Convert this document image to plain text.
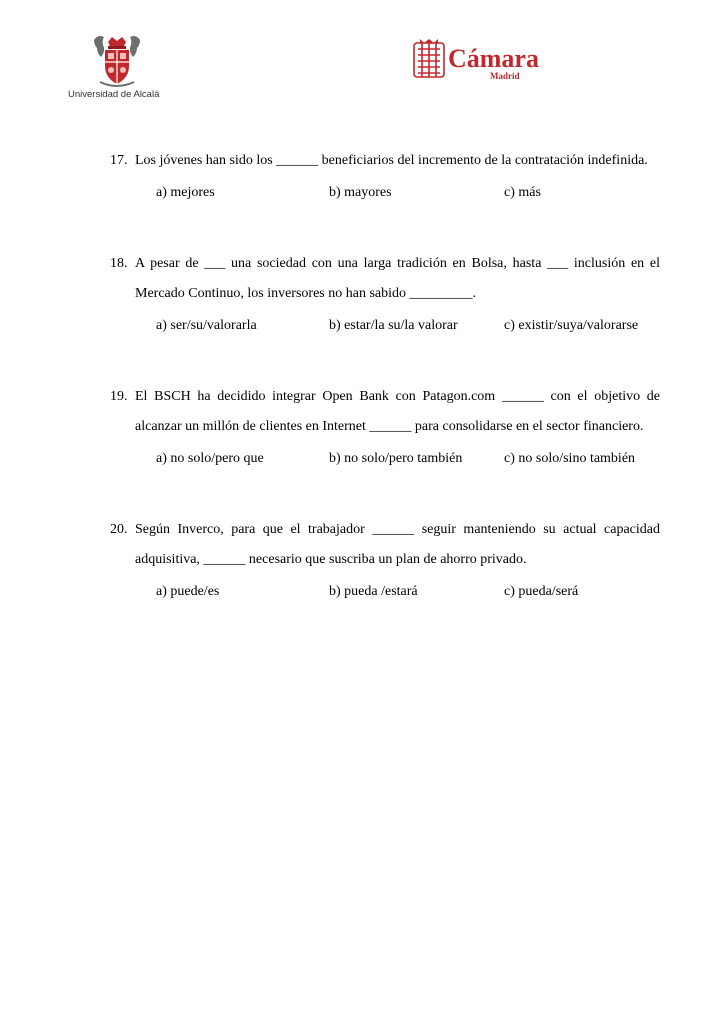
Universidad de Alcalá
Cámara
Madrid
17. Los jóvenes han sido los ______ beneficiarios del incremento de la contratación indefinida.
a) mejores	b) mayores	c) más
18. A pesar de ___ una sociedad con una larga tradición en Bolsa, hasta ___ inclusión en el Mercado Continuo, los inversores no han sabido _________.
a) ser/su/valorarla	b) estar/la su/la valorar	c) existir/suya/valorarse
19. El BSCH ha decidido integrar Open Bank con Patagon.com ______ con el objetivo de alcanzar un millón de clientes en Internet ______ para consolidarse en el sector financiero.
a) no solo/pero que	b) no solo/pero también	c) no solo/sino también
20. Según Inverco, para que el trabajador ______ seguir manteniendo su actual capacidad adquisitiva, ______ necesario que suscriba un plan de ahorro privado.
a) puede/es	b) pueda /estará	c) pueda/será
